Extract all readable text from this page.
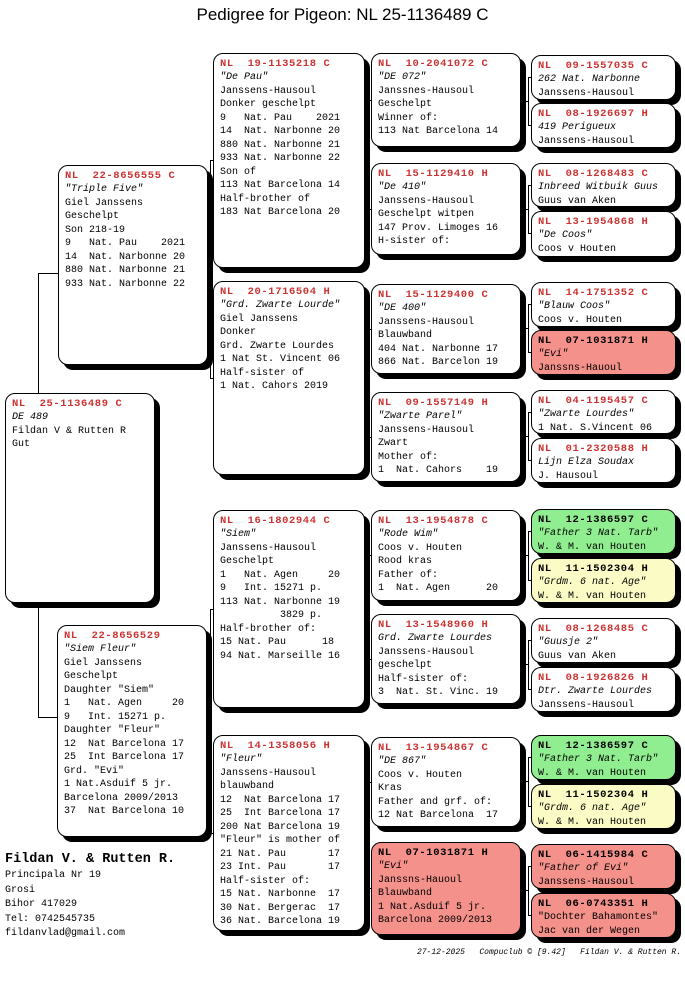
Pedigree for Pigeon: NL 25-1136489 C
NL  25-1136489 C
DE 489
Fildan V & Rutten R
Gut
NL  22-8656555 C
"Triple Five"
Giel Janssens
Geschelpt
Son 218-19
9   Nat. Pau    2021
14  Nat. Narbonne 20
880 Nat. Narbonne 21
933 Nat. Narbonne 22
NL  22-8656529
"Siem Fleur"
Giel Janssens
Geschelpt
Daughter "Siem"
1   Nat. Agen     20
9   Int. 15271 p.
Daughter "Fleur"
12  Nat Barcelona 17
25  Int Barcelona 17
Grd. "Evi"
1 Nat.Asduif 5 jr.
Barcelona 2009/2013
37  Nat Barcelona 10
NL  19-1135218 C
"De Pau"
Janssens-Hausoul
Donker geschelpt
9   Nat. Pau    2021
14  Nat. Narbonne 20
880 Nat. Narbonne 21
933 Nat. Narbonne 22
Son of
113 Nat Barcelona 14
Half-brother of
183 Nat Barcelona 20
NL  20-1716504 H
"Grd. Zwarte Lourde"
Giel Janssens
Donker
Grd. Zwarte Lourdes
1 Nat St. Vincent 06
Half-sister of
1 Nat. Cahors 2019
NL  16-1802944 C
"Siem"
Janssens-Hausoul
Geschelpt
1   Nat. Agen     20
9   Int. 15271 p.
113 Nat. Narbonne 19
3829 p.
Half-brother of:
15 Nat. Pau      18
94 Nat. Marseille 16
NL  14-1358056 H
"Fleur"
Janssens-Hausoul
blauwband
12  Nat Barcelona 17
25  Int Barcelona 17
200 Nat Barcelona 19
"Fleur" is mother of
21 Nat. Pau       17
23 Int. Pau       17
Half-sister of:
15 Nat. Narbonne  17
30 Nat. Bergerac  17
36 Nat. Barcelona 19
NL  10-2041072 C
"DE 072"
Janssnes-Hausoul
Geschelpt
Winner of:
113 Nat Barcelona 14
NL  15-1129410 H
"De 410"
Janssens-Hausoul
Geschelpt witpen
147 Prov. Limoges 16
H-sister of:
NL  15-1129400 C
"DE 400"
Janssens-Hausoul
Blauwband
404 Nat. Narbonne 17
866 Nat. Barcelon 19
NL  09-1557149 H
"Zwarte Parel"
Janssens-Hausoul
Zwart
Mother of:
1  Nat. Cahors    19
NL  13-1954878 C
"Rode Wim"
Coos v. Houten
Rood kras
Father of:
1  Nat. Agen      20
NL  13-1548960 H
Grd. Zwarte Lourdes
Janssens-Hausoul
geschelpt
Half-sister of:
3  Nat. St. Vinc. 19
NL  13-1954867 C
"DE 867"
Coos v. Houten
Kras
Father and grf. of:
12 Nat Barcelona  17
NL  07-1031871 H
"Evi"
Janssns-Hauoul
Blauwband
1 Nat.Asduif 5 jr.
Barcelona 2009/2013
NL  09-1557035 C
262 Nat. Narbonne
Janssens-Hausoul
NL  08-1926697 H
419 Perigueux
Janssens-Hausoul
NL  08-1268483 C
Inbreed Witbuik Guus
Guus van Aken
NL  13-1954868 H
"De Coos"
Coos v Houten
NL  14-1751352 C
"Blauw Coos"
Coos v. Houten
NL  07-1031871 H
"Evi"
Janssns-Hauoul
NL  04-1195457 C
"Zwarte Lourdes"
1 Nat. S.Vincent 06
NL  01-2320588 H
Lijn Elza Soudax
J. Hausoul
NL  12-1386597 C
"Father 3 Nat. Tarb"
W. & M. van Houten
NL  11-1502304 H
"Grdm. 6 nat. Age"
W. & M. van Houten
NL  08-1268485 C
"Guusje 2"
Guus van Aken
NL  08-1926826 H
Dtr. Zwarte Lourdes
Janssens-Hausoul
NL  12-1386597 C
"Father 3 Nat. Tarb"
W. & M. van Houten
NL  11-1502304 H
"Grdm. 6 nat. Age"
W. & M. van Houten
NL  06-1415984 C
"Father of Evi"
Janssens-Hausoul
NL  06-0743351 H
"Dochter Bahamontes"
Jac van der Wegen
Fildan V. & Rutten R.
Principala Nr 19
Grosi
Bihor 417029
Tel: 0742545735
fildanvlad@gmail.com
27-12-2025   Compuclub © [9.42]   Fildan V. & Rutten R.
